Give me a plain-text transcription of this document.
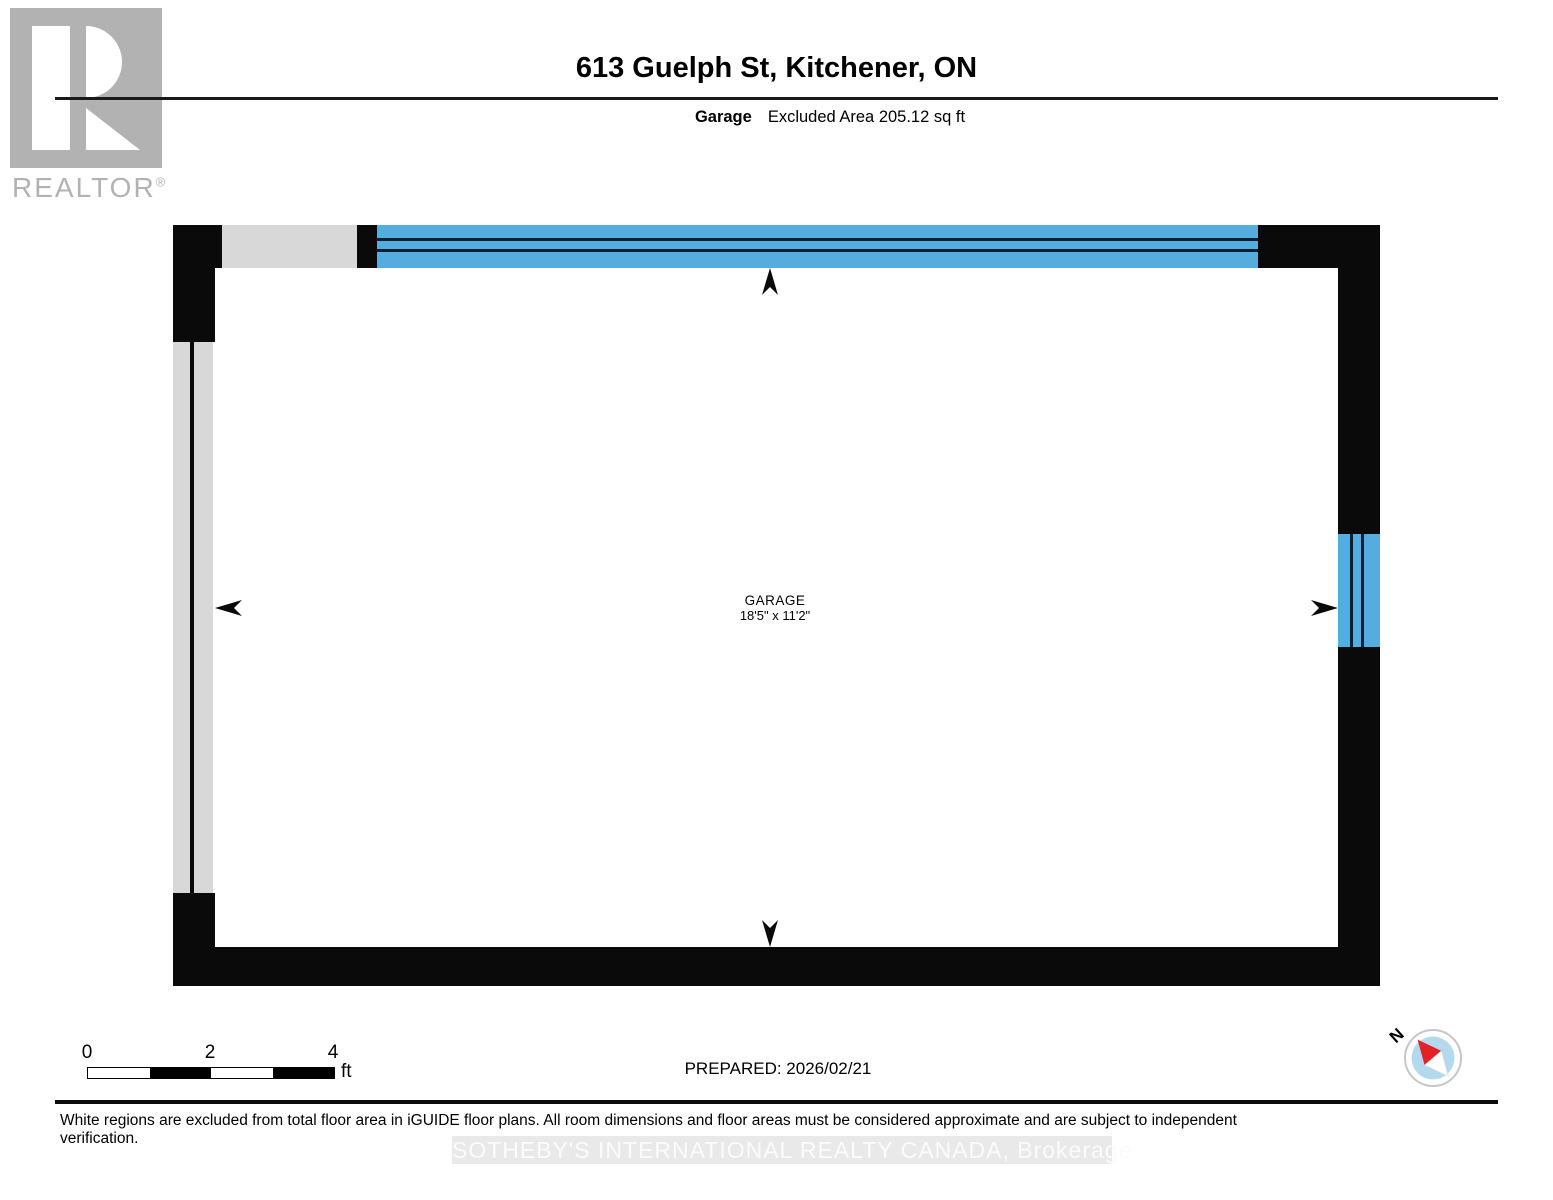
REALTOR®
613 Guelph St, Kitchener, ON
Garage Excluded Area 205.12 sq ft
GARAGE
18'5" x 11'2"
0	2	4
ft	PREPARED: 2026/02/21
N
White regions are excluded from total floor area in iGUIDE floor plans. All room dimensions and floor areas must be considered approximate and are subject to independent verification.	SOTHEBY'S INTERNATIONAL REALTY CANADA, Brokerage
